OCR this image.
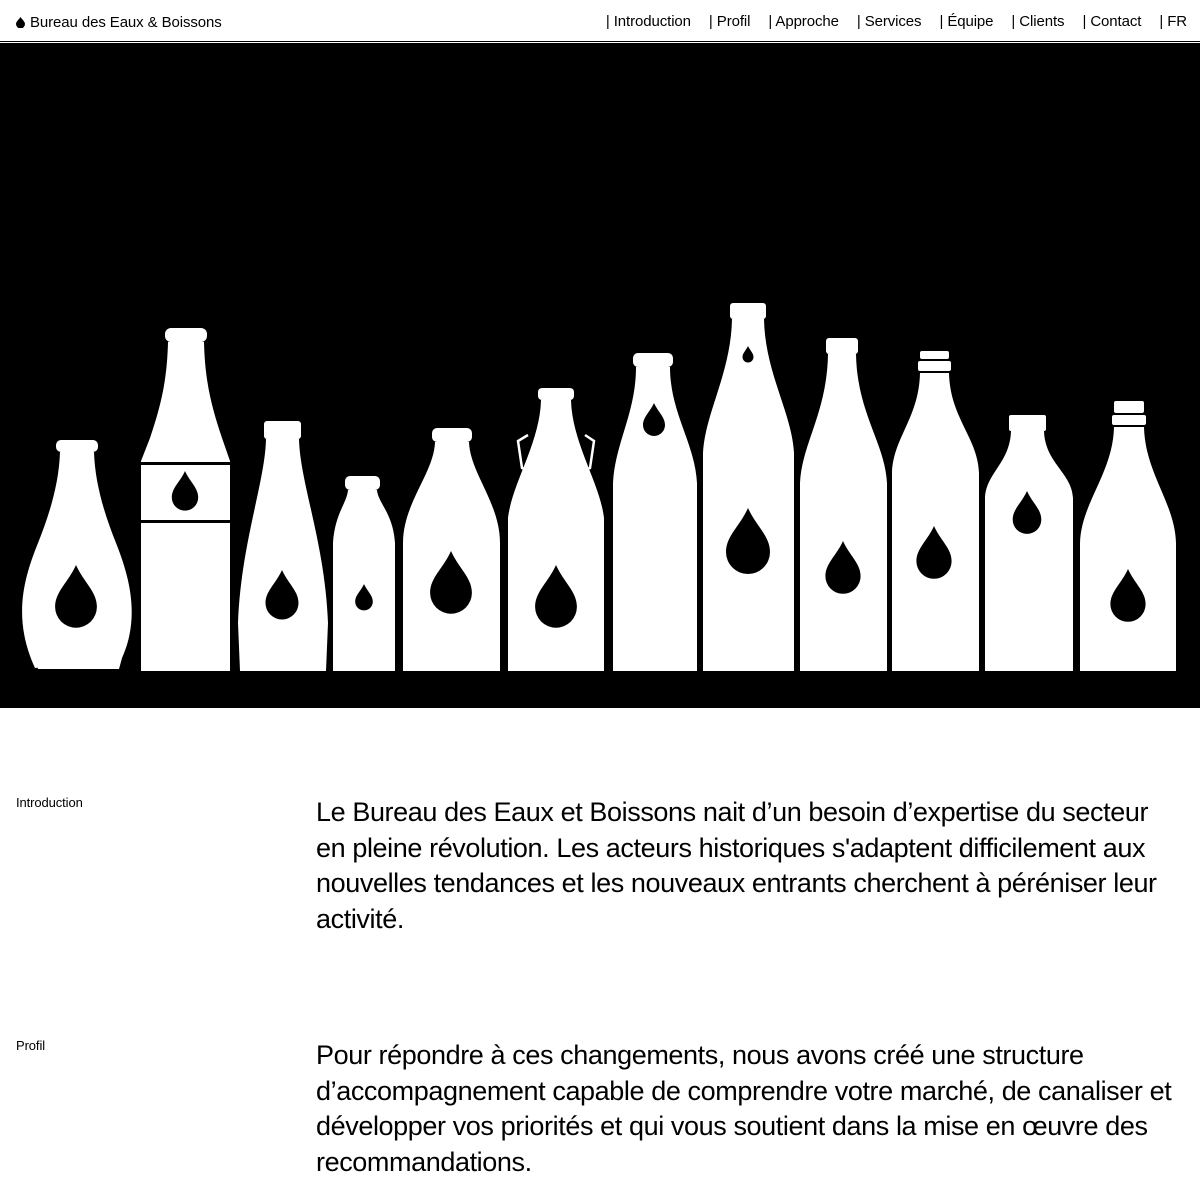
Bureau des Eaux & Boissons	| Introduction	| Profil	| Approche	| Services	| Équipe	| Clients	| Contact	| FR
Introduction	Le Bureau des Eaux et Boissons nait d’un besoin d’expertise du secteur en pleine révolution. Les acteurs historiques s'adaptent difficilement aux nouvelles tendances et les nouveaux entrants cherchent à péréniser leur activité.

Profil	Pour répondre à ces changements, nous avons créé une structure d’accompagnement capable de comprendre votre marché, de canaliser et développer vos priorités et qui vous soutient dans la mise en œuvre des recommandations.
